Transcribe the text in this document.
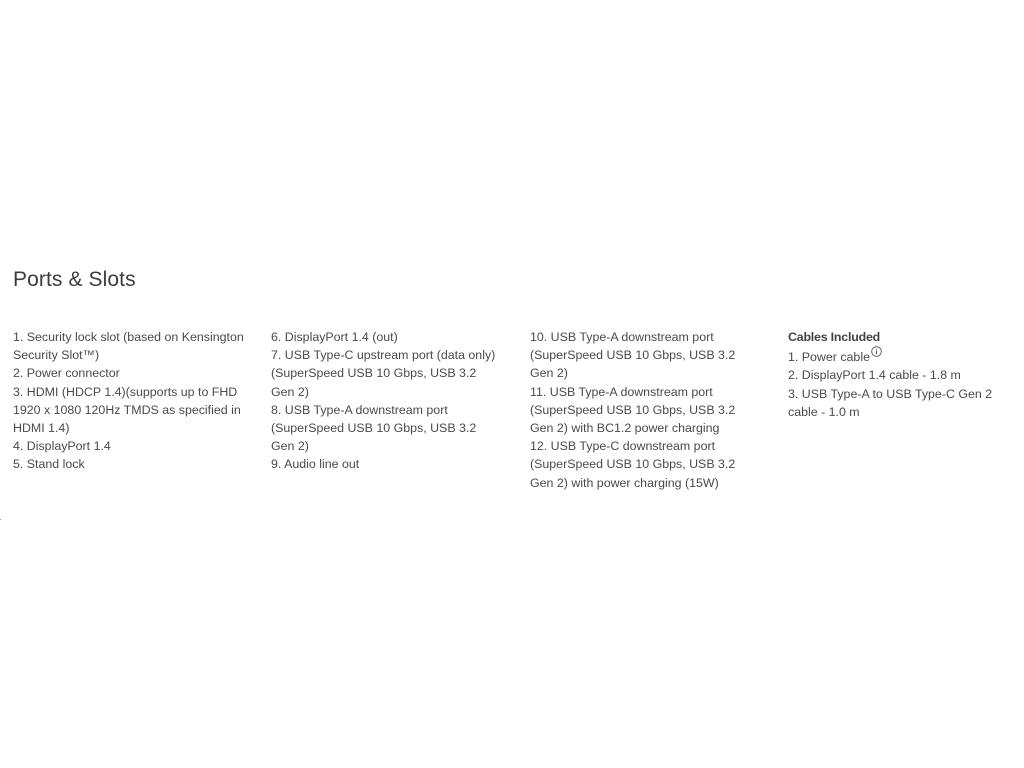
Ports & Slots

1. Security lock slot (based on Kensington Security Slot™)

2. Power connector

3. HDMI (HDCP 1.4)(supports up to FHD 1920 x 1080 120Hz TMDS as specified in HDMI 1.4)

4. DisplayPort 1.4

5. Stand lock

6. DisplayPort 1.4 (out)

7. USB Type-C upstream port (data only) (SuperSpeed USB 10 Gbps, USB 3.2 Gen 2)

8. USB Type-A downstream port (SuperSpeed USB 10 Gbps, USB 3.2 Gen 2)

9. Audio line out

10. USB Type-A downstream port (SuperSpeed USB 10 Gbps, USB 3.2 Gen 2)

11. USB Type-A downstream port (SuperSpeed USB 10 Gbps, USB 3.2 Gen 2) with BC1.2 power charging

12. USB Type-C downstream port (SuperSpeed USB 10 Gbps, USB 3.2 Gen 2) with power charging (15W)

Cables Included

1. Power cable

2. DisplayPort 1.4 cable - 1.8 m

3. USB Type-A to USB Type-C Gen 2 cable - 1.0 m
